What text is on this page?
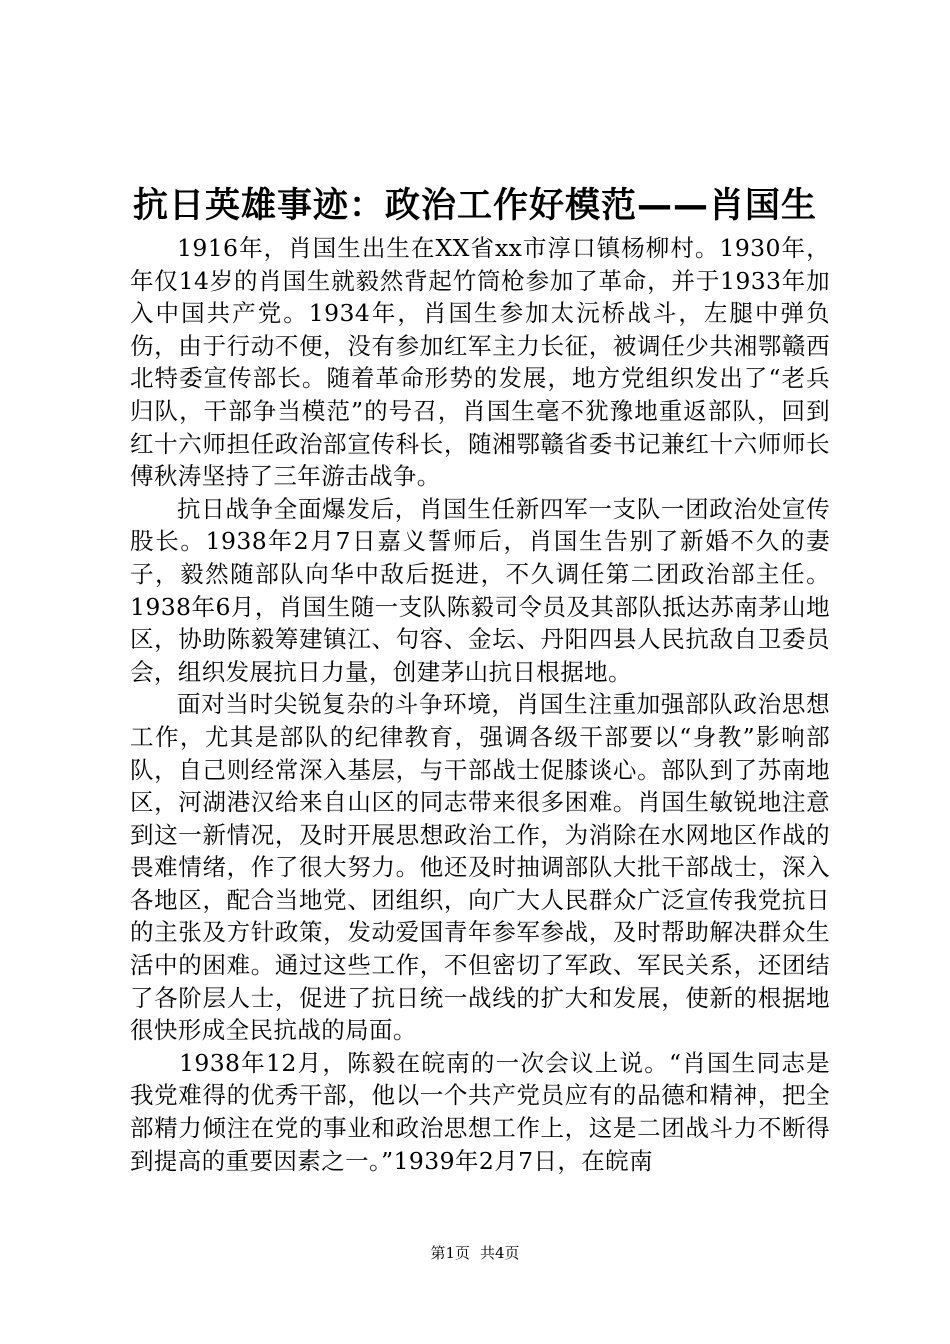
抗日英雄事迹：政治工作好模范——肖国生

1916年，肖国生出生在XX省xx市淳口镇杨柳村。1930年，年仅14岁的肖国生就毅然背起竹筒枪参加了革命，并于1933年加入中国共产党。1934年，肖国生参加太沅桥战斗，左腿中弹负伤，由于行动不便，没有参加红军主力长征，被调任少共湘鄂赣西北特委宣传部长。随着革命形势的发展，地方党组织发出了“老兵归队，干部争当模范”的号召，肖国生毫不犹豫地重返部队，回到红十六师担任政治部宣传科长，随湘鄂赣省委书记兼红十六师师长傅秋涛坚持了三年游击战争。

抗日战争全面爆发后，肖国生任新四军一支队一团政治处宣传股长。1938年2月7日嘉义誓师后，肖国生告别了新婚不久的妻子，毅然随部队向华中敌后挺进，不久调任第二团政治部主任。1938年6月，肖国生随一支队陈毅司令员及其部队抵达苏南茅山地区，协助陈毅筹建镇江、句容、金坛、丹阳四县人民抗敌自卫委员会，组织发展抗日力量，创建茅山抗日根据地。

面对当时尖锐复杂的斗争环境，肖国生注重加强部队政治思想工作，尤其是部队的纪律教育，强调各级干部要以“身教”影响部队，自己则经常深入基层，与干部战士促膝谈心。部队到了苏南地区，河湖港汉给来自山区的同志带来很多困难。肖国生敏锐地注意到这一新情况，及时开展思想政治工作，为消除在水网地区作战的畏难情绪，作了很大努力。他还及时抽调部队大批干部战士，深入各地区，配合当地党、团组织，向广大人民群众广泛宣传我党抗日的主张及方针政策，发动爱国青年参军参战，及时帮助解决群众生活中的困难。通过这些工作，不但密切了军政、军民关系，还团结了各阶层人士，促进了抗日统一战线的扩大和发展，使新的根据地很快形成全民抗战的局面。

1938年12月，陈毅在皖南的一次会议上说。“肖国生同志是我党难得的优秀干部，他以一个共产党员应有的品德和精神，把全部精力倾注在党的事业和政治思想工作上，这是二团战斗力不断得到提高的重要因素之一。”1939年2月7日，在皖南

第1页 共4页
